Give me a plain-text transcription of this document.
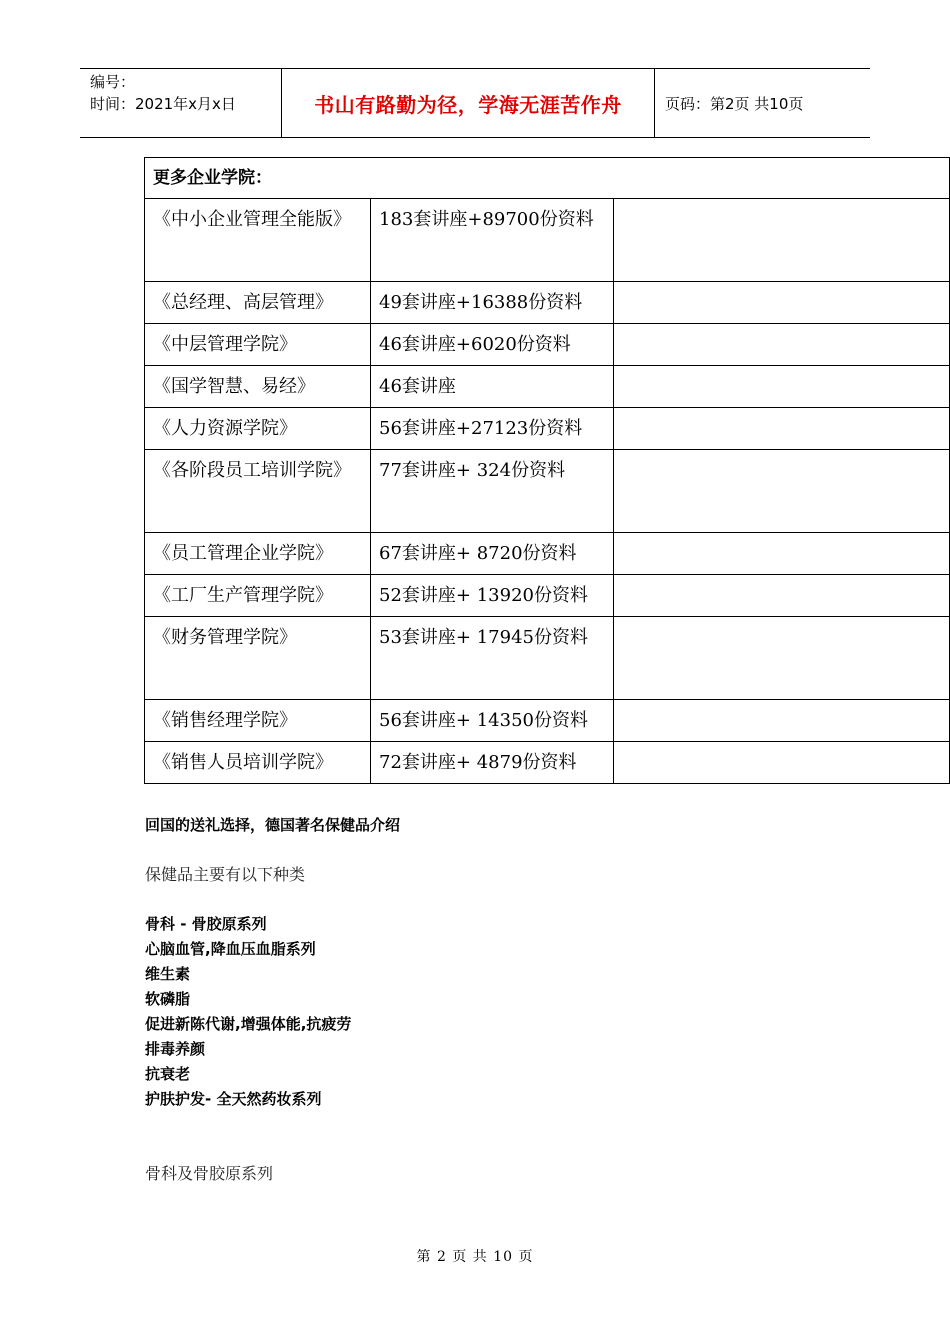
编号：
时间：2021年x月x日	书山有路勤为径，学海无涯苦作舟	页码：第2页 共10页
更多企业学院：		
《中小企业管理全能版》	183套讲座+89700份资料	
《总经理、高层管理》	49套讲座+16388份资料	
《中层管理学院》	46套讲座+6020份资料	
《国学智慧、易经》	46套讲座	
《人力资源学院》	56套讲座+27123份资料	
《各阶段员工培训学院》	77套讲座+ 324份资料	
《员工管理企业学院》	67套讲座+ 8720份资料	
《工厂生产管理学院》	52套讲座+ 13920份资料	
《财务管理学院》	53套讲座+ 17945份资料	
《销售经理学院》	56套讲座+ 14350份资料	
《销售人员培训学院》	72套讲座+ 4879份资料	
回国的送礼选择，德国著名保健品介绍
保健品主要有以下种类
骨科 - 骨胶原系列
心脑血管,降血压血脂系列
维生素
软磷脂
促进新陈代谢,增强体能,抗疲劳
排毒养颜
抗衰老
护肤护发- 全天然药妆系列
骨科及骨胶原系列
第 2 页 共 10 页
